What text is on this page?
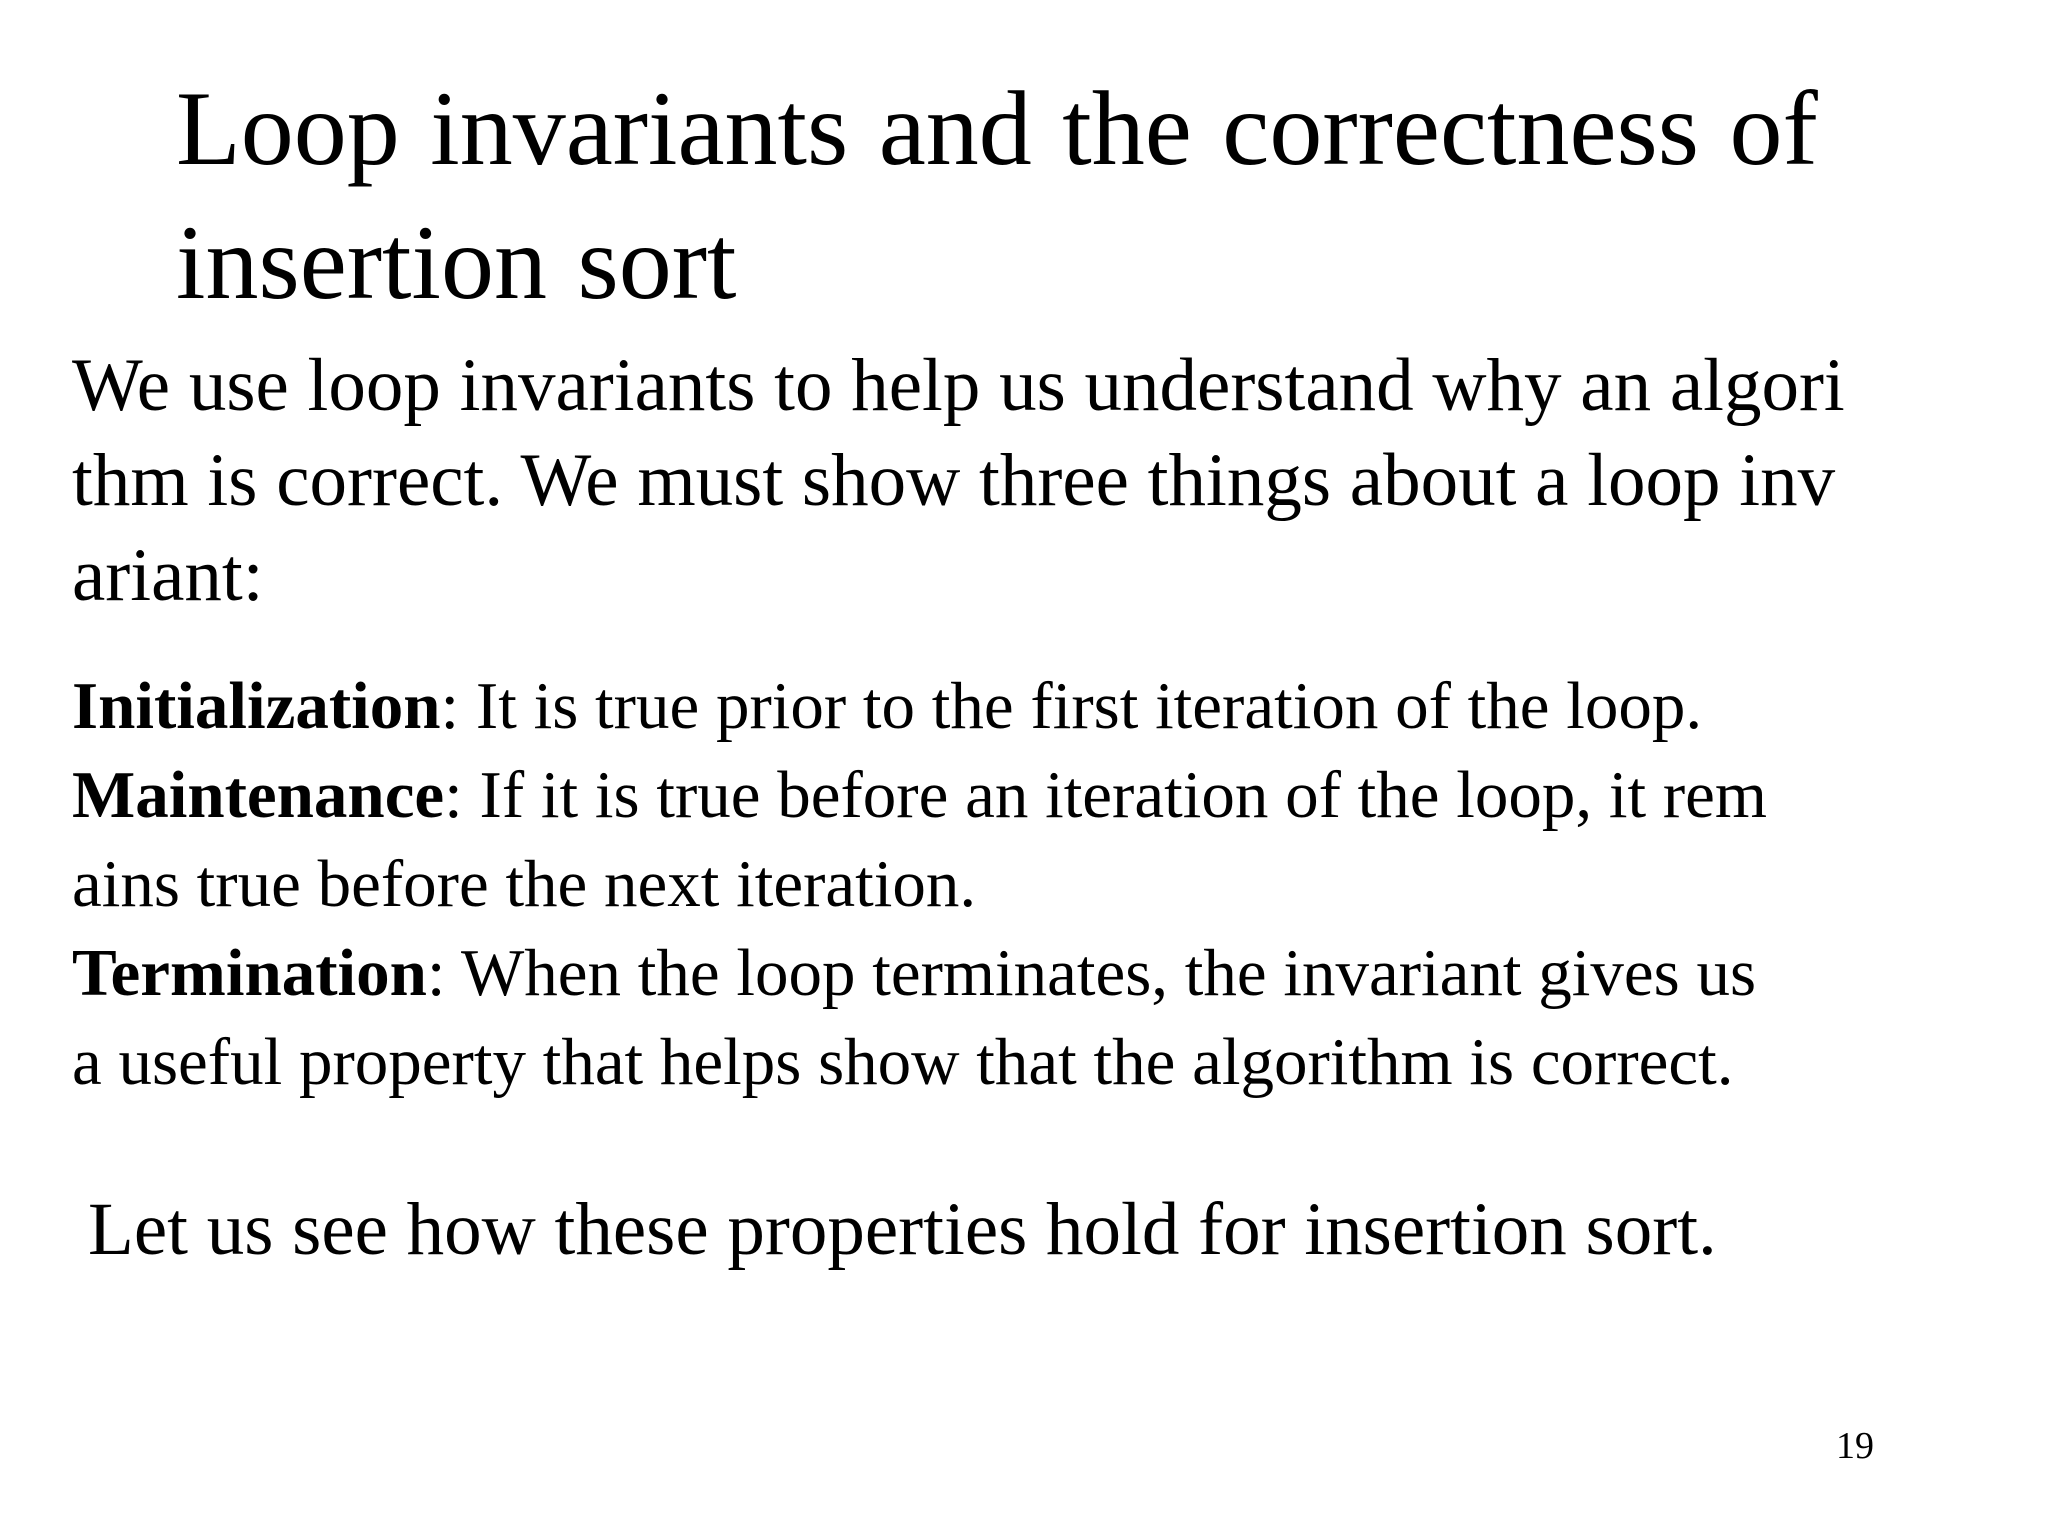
Loop invariants and the correctness of
insertion sort

We use loop invariants to help us understand why an algori
thm is correct. We must show three things about a loop inv
ariant:

Initialization: It is true prior to the first iteration of the loop.
Maintenance: If it is true before an iteration of the loop, it rem
ains true before the next iteration.
Termination: When the loop terminates, the invariant gives us
a useful property that helps show that the algorithm is correct.

Let us see how these properties hold for insertion sort.

19
